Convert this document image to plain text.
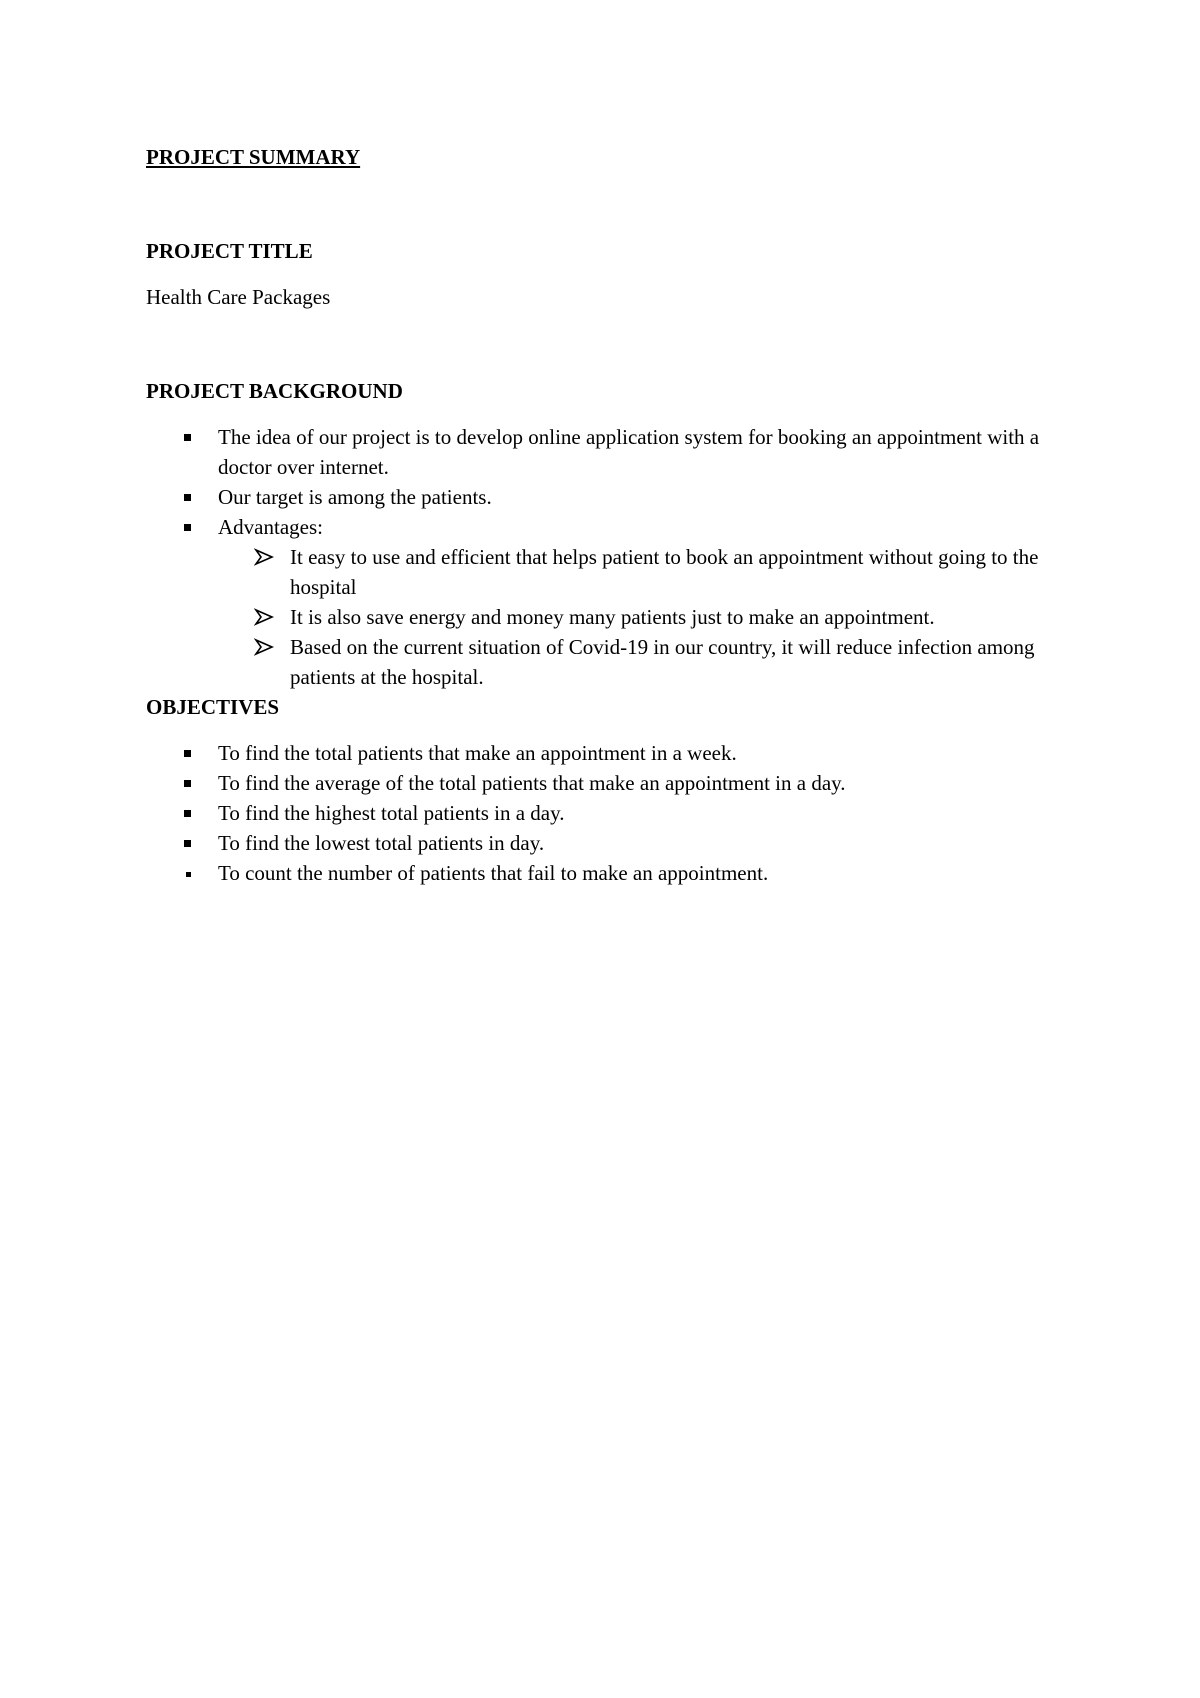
PROJECT SUMMARY

PROJECT TITLE

Health Care Packages

PROJECT BACKGROUND

The idea of our project is to develop online application system for booking an appointment with a doctor over internet.
Our target is among the patients.
Advantages:
It easy to use and efficient that helps patient to book an appointment without going to the hospital
It is also save energy and money many patients just to make an appointment.
Based on the current situation of Covid-19 in our country, it will reduce infection among patients at the hospital.

OBJECTIVES

To find the total patients that make an appointment in a week.
To find the average of the total patients that make an appointment in a day.
To find the highest total patients in a day.
To find the lowest total patients in day.
To count the number of patients that fail to make an appointment.
